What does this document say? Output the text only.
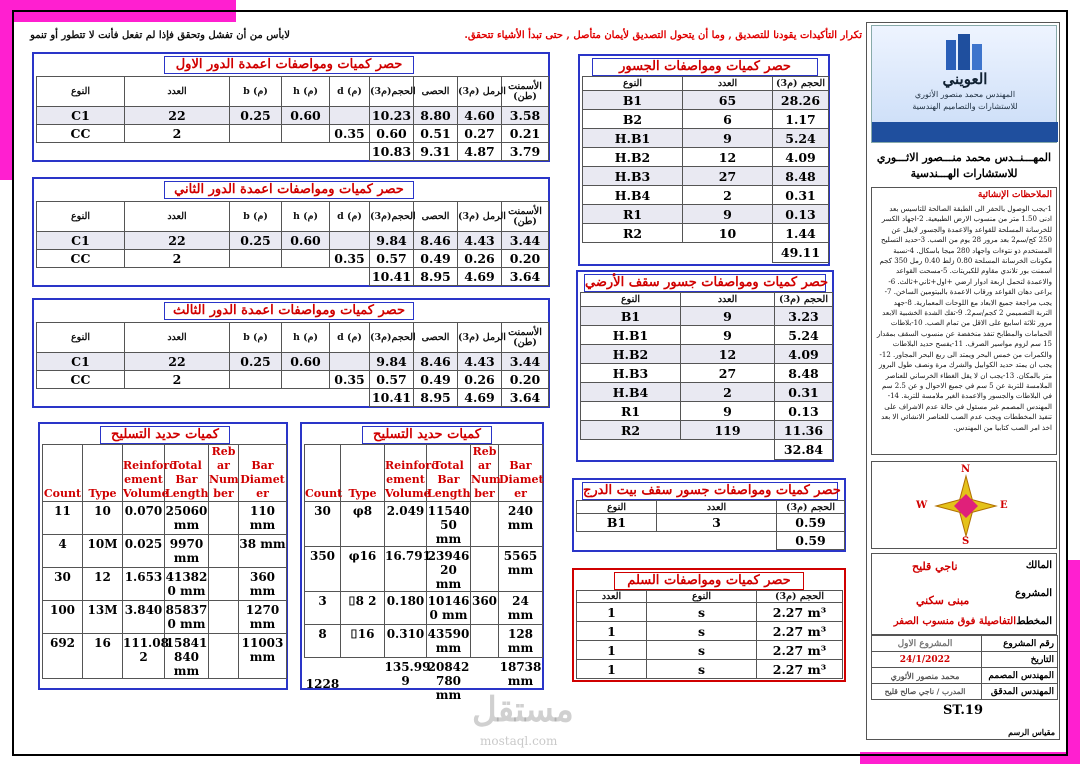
تكرار التأكيدات يقودنا للتصديق , وما أن يتحول التصديق لأيمان متأصل , حتى تبدأ الأشياء تتحقق.
لابأس من أن تفشل وتحقق فإذا لم تفعل فأنت لا تتطور أو تنمو
حصر كميات ومواصفات اعمدة الدور الاول
النوع	العدد	b (م)	h (م)	d (م)	الحجم(م3)	الحصى	الرمل (م3)	الأسمنت (طن)
C1	22	0.25	0.60		10.23	8.80	4.60	3.58
CC	2			0.35	0.60	0.51	0.27	0.21
					10.83	9.31	4.87	3.79
حصر كميات ومواصفات اعمدة الدور الثاني
النوع	العدد	b (م)	h (م)	d (م)	الحجم(م3)	الحصى	الرمل (م3)	الأسمنت (طن)
C1	22	0.25	0.60		9.84	8.46	4.43	3.44
CC	2			0.35	0.57	0.49	0.26	0.20
					10.41	8.95	4.69	3.64
حصر كميات ومواصفات اعمدة الدور الثالث
النوع	العدد	b (م)	h (م)	d (م)	الحجم(م3)	الحصى	الرمل (م3)	الأسمنت (طن)
C1	22	0.25	0.60		9.84	8.46	4.43	3.44
CC	2			0.35	0.57	0.49	0.26	0.20
					10.41	8.95	4.69	3.64
حصر كميات ومواصفات الجسور
النوع	العدد	الحجم (م3)
B1	65	28.26
B2	6	1.17
H.B1	9	5.24
H.B2	12	4.09
H.B3	27	8.48
H.B4	2	0.31
R1	9	0.13
R2	10	1.44
		49.11
حصر كميات ومواصفات جسور سقف الأرضي
النوع	العدد	الحجم (م3)
B1	9	3.23
H.B1	9	5.24
H.B2	12	4.09
H.B3	27	8.48
H.B4	2	0.31
R1	9	0.13
R2	119	11.36
		32.84
حصر كميات ومواصفات جسور سقف بيت الدرج
النوع	العدد	الحجم (م3)
B1	3	0.59
		0.59
حصر كميات ومواصفات السلم
العدد	النوع	الحجم (م3)
1	s	2.27 m³
1	s	2.27 m³
1	s	2.27 m³
1	s	2.27 m³
كميات حديد التسليح
Count	Type	Reinforc ement Volume	Total Bar Length	Reb ar Num ber	Bar Diamet er
11	10	0.070	25060 mm		110 mm
4	10M	0.025	9970 mm		38 mm
30	12	1.653	41382 0 mm		360 mm
100	13M	3.840	85837 0 mm		1270 mm
692	16	111.08 2	15841 840 mm		11003 mm
كميات حديد التسليح
Count	Type	Reinforc ement Volume	Total Bar Length	Reb ar Num ber	Bar Diamet er
30	φ8	2.049	11540 50 mm		240 mm
350	φ16	16.791	23946 20 mm		5565 mm
3	⌷8 2	0.180	10146 0 mm	360	24 mm
8	⌷16	0.310	43590 mm		128 mm
1228		135.99 9	20842 780 mm		18738 mm
العويني
المهندس محمد منصور الأثوري
للاستشارات والتصاميم الهندسية
المهـــنــدس محمد منـــصور الاثـــوري
للاستشارات الهـــندسية
الملاحظات الإنشائية
1-يجب الوصول بالحفر الى الطبقة الصالحة للتاسيس بعد ادنى 1.50 متر من منسوب الارض الطبيعية. 2-اجهاد الكسر للخرسانة المسلحة للقواعد والاعمدة والجسور لايقل عن 250 كج/سم2 بعد مرور 28 يوم من الصب. 3-حديد التسليح المستخدم ذو نتوءات واجهاد 280 ميجا باسكال. 4-نسبة مكونات الخرسانة المسلحة 0.80 زلط 0.40 رمل 350 كجم اسمنت بور تلاندي مقاوم للكبريتات. 5-مسحت القواعد والاعمدة لتحمل اربعة ادوار ارضي +اول+ثاني+ثالث. 6-يراعى دهان القواعد ورقاب الاعمدة بالبيتومين الساخن. 7-يجب مراجعة جميع الابعاد مع اللوحات المعمارية. 8-جهد التربة التصميمي 2 كجم/سم2. 9-تفك الشدة الخشبية الابعد مرور ثلاثة اسابيع على الاقل من تمام الصب. 10-بلاطات الحمامات والمطابخ تنفذ منخفضة عن منسوب السقف بمقدار 15 سم لزوم مواسير الصرف. 11-يفسح حديد البلاطات والكمرات من خمس البحر ويمتد الى ربع البحر المجاور. 12-يجب ان يمتد حديد الكوابيل والشرك مرة ونصف طول البروز متر بالمكان. 13-يجب ان لا يقل الغطاء الخرساني للعناصر الملامسة للتربة عن 5 سم في جميع الاحوال و عن 2.5 سم في البلاطات والجسور والاعمدة الغير ملامسة للتربة. 14-المهندس المصمم غير مسئول في حالة عدم الاشراف على تنفيذ المخططات ويجب عدم الصب للعناصر الانشائي الا بعد اخذ امر الصب كتابيا من المهندس.
N
S
W	E
المالك
ناجي قليح
المشروع
مبنى سكني
المخطط
التفاصيلة فوق منسوب الصفر
المشروع الاول	رقم المشروع
24/1/2022	التاريخ
محمد منصور الأثوري	المهندس المصمم
المدرب / ناجي صالح قليح	المهندس المدقق
ST.19
مقياس الرسم
مستقل
mostaql.com
